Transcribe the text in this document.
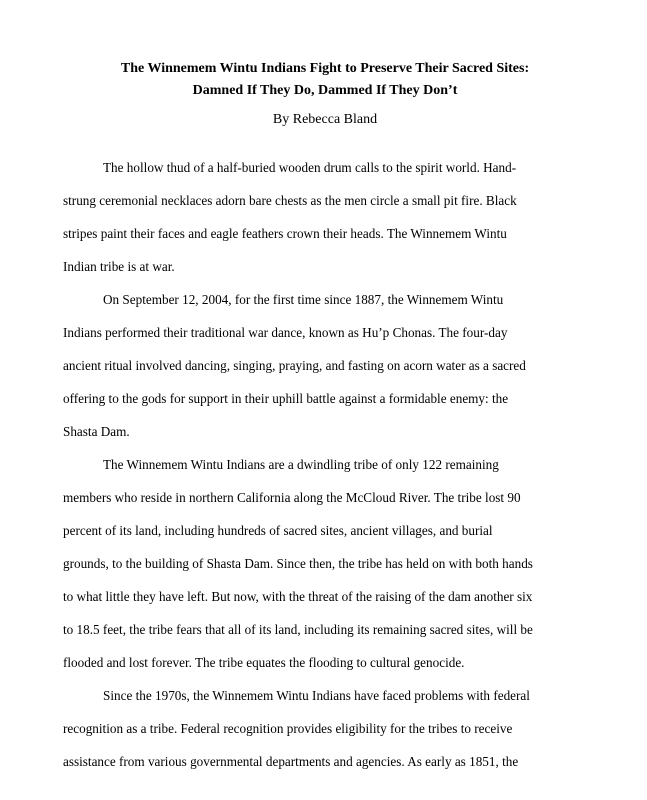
The Winnemem Wintu Indians Fight to Preserve Their Sacred Sites:
Damned If They Do, Dammed If They Don’t
By Rebecca Bland

The hollow thud of a half-buried wooden drum calls to the spirit world. Hand-
strung ceremonial necklaces adorn bare chests as the men circle a small pit fire. Black
stripes paint their faces and eagle feathers crown their heads. The Winnemem Wintu
Indian tribe is at war.

On September 12, 2004, for the first time since 1887, the Winnemem Wintu
Indians performed their traditional war dance, known as Hu’p Chonas. The four-day
ancient ritual involved dancing, singing, praying, and fasting on acorn water as a sacred
offering to the gods for support in their uphill battle against a formidable enemy: the
Shasta Dam.

The Winnemem Wintu Indians are a dwindling tribe of only 122 remaining
members who reside in northern California along the McCloud River. The tribe lost 90
percent of its land, including hundreds of sacred sites, ancient villages, and burial
grounds, to the building of Shasta Dam. Since then, the tribe has held on with both hands
to what little they have left. But now, with the threat of the raising of the dam another six
to 18.5 feet, the tribe fears that all of its land, including its remaining sacred sites, will be
flooded and lost forever. The tribe equates the flooding to cultural genocide.

Since the 1970s, the Winnemem Wintu Indians have faced problems with federal
recognition as a tribe. Federal recognition provides eligibility for the tribes to receive
assistance from various governmental departments and agencies. As early as 1851, the
